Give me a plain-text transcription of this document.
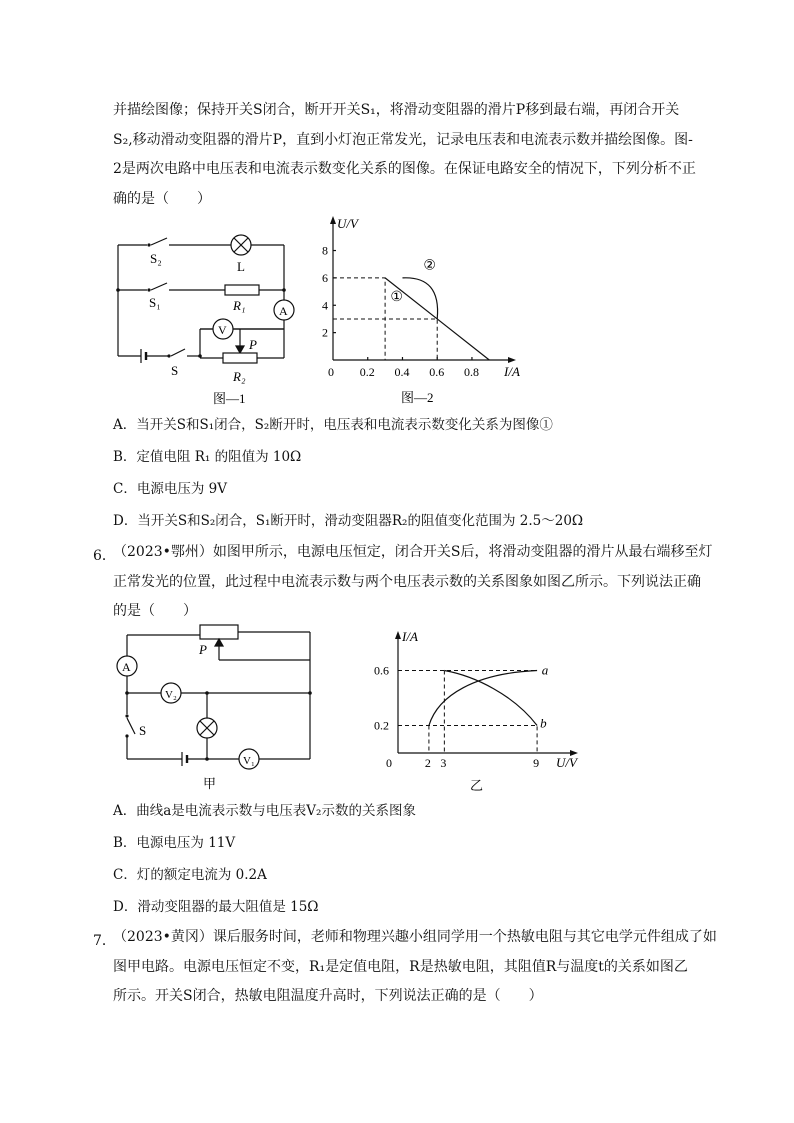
并描绘图像；保持开关S闭合，断开开关S₁，将滑动变阻器的滑片P移到最右端，再闭合开关
S₂,移动滑动变阻器的滑片P，直到小灯泡正常发光，记录电压表和电流表示数并描绘图像。图-
2是两次电路中电压表和电流表示数变化关系的图像。在保证电路安全的情况下，下列分析不正
确的是（　　）
S₂
L
S₁	R₁	A
V
P
S	R₂
图—1
U/V
I/A
①
②
图—2
0 0.2 0.4 0.6 0.8
2
4
6
8
A．当开关S和S₁闭合，S₂断开时，电压表和电流表示数变化关系为图像①
B．定值电阻 R₁ 的阻值为 10Ω
C．电源电压为 9V
D．当开关S和S₂闭合，S₁断开时，滑动变阻器R₂的阻值变化范围为 2.5～20Ω
6．
（2023•鄂州）如图甲所示，电源电压恒定，闭合开关S后，将滑动变阻器的滑片从最右端移至灯
正常发光的位置，此过程中电流表示数与两个电压表示数的关系图象如图乙所示。下列说法正确
的是（　　）
A
P
V₂
S
V₁
甲
I/A
U/V
a
b
乙
0	2 3	9
0.2
0.6
A．曲线a是电流表示数与电压表V₂示数的关系图象
B．电源电压为 11V
C．灯的额定电流为 0.2A
D．滑动变阻器的最大阻值是 15Ω
7．
（2023•黄冈）课后服务时间，老师和物理兴趣小组同学用一个热敏电阻与其它电学元件组成了如
图甲电路。电源电压恒定不变，R₁是定值电阻，R是热敏电阻，其阻值R与温度t的关系如图乙
所示。开关S闭合，热敏电阻温度升高时，下列说法正确的是（　　）
